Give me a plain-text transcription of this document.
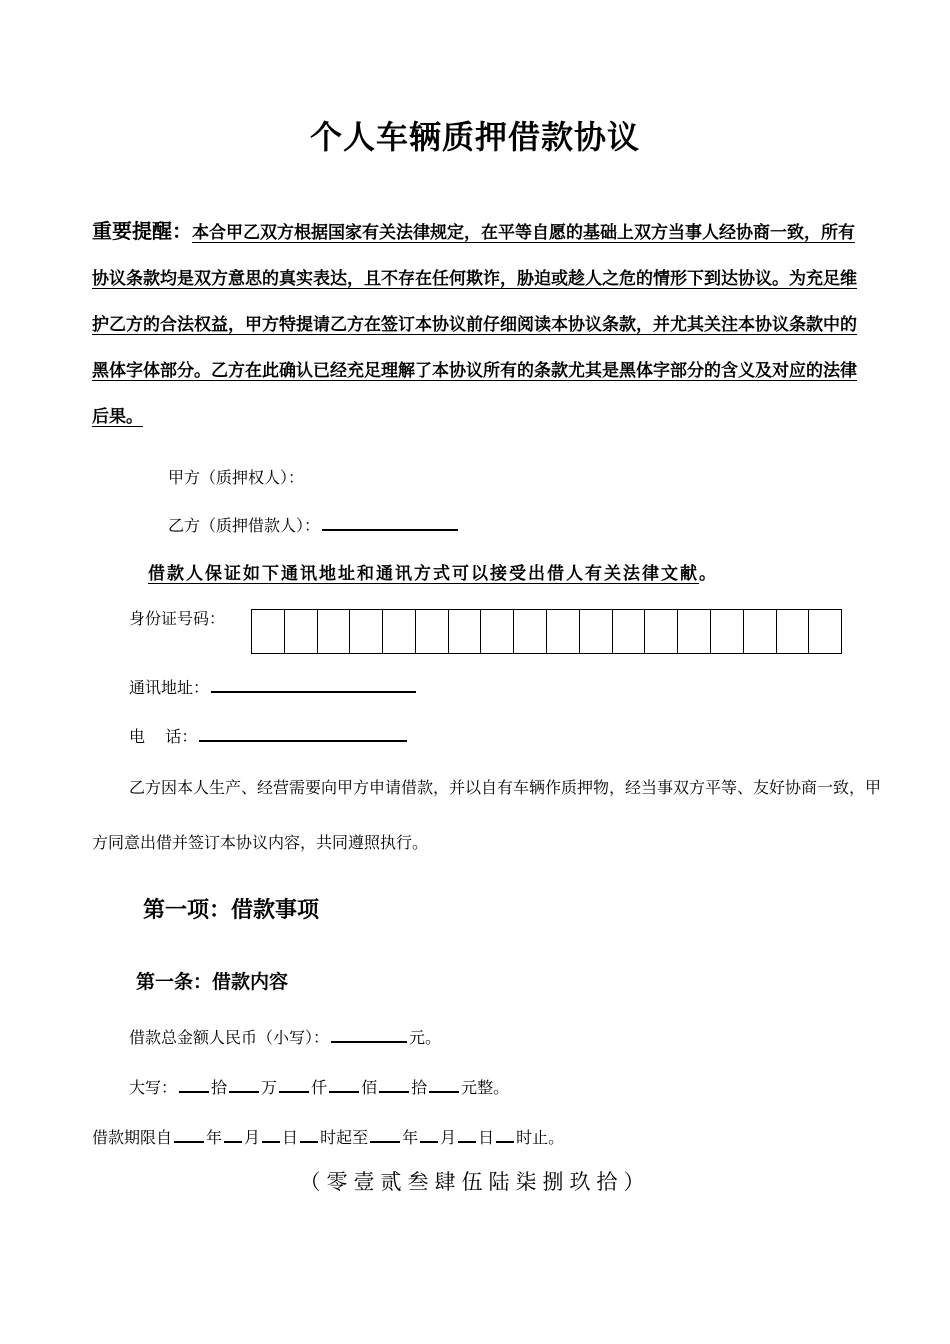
个人车辆质押借款协议
重要提醒：本合甲乙双方根据国家有关法律规定，在平等自愿的基础上双方当事人经协商一致，所有协议条款均是双方意思的真实表达，且不存在任何欺诈，胁迫或趁人之危的情形下到达协议。为充足维护乙方的合法权益，甲方特提请乙方在签订本协议前仔细阅读本协议条款，并尤其关注本协议条款中的黑体字体部分。乙方在此确认已经充足理解了本协议所有的条款尤其是黑体字部分的含义及对应的法律后果。
甲方（质押权人）：
乙方（质押借款人）：
借款人保证如下通讯地址和通讯方式可以接受出借人有关法律文献。
身份证号码：
通讯地址：
电    话：
乙方因本人生产、经营需要向甲方申请借款，并以自有车辆作质押物，经当事双方平等、友好协商一致，甲方同意出借并签订本协议内容，共同遵照执行。
第一项：借款事项
第一条：借款内容
借款总金额人民币（小写）：	元。
大写： 拾 万 仟 佰 拾 元整。
借款期限自 年 月 日 时起至 年 月 日 时止。
（零壹贰叁肆伍陆柒捌玖拾）
